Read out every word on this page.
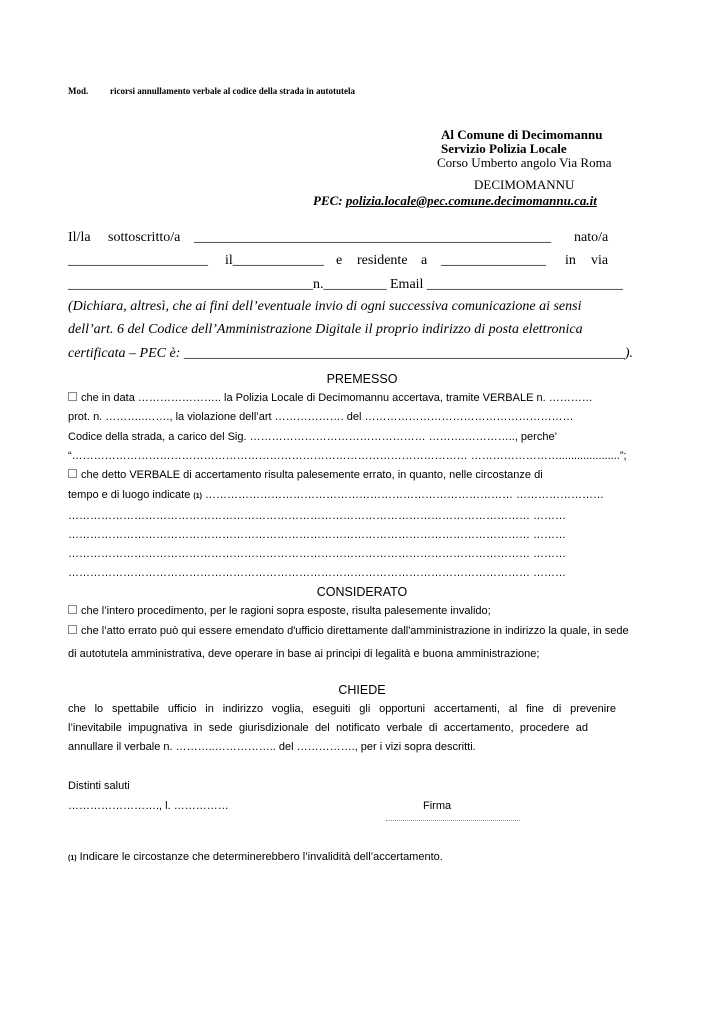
Mod. ricorsi annullamento verbale al codice della strada in autotutela
Al Comune di Decimomannu
Servizio Polizia Locale
Corso Umberto angolo Via Roma
DECIMOMANNU
PEC: polizia.locale@pec.comune.decimomannu.ca.it
Il/la sottoscritto/a ___________________________________________________ nato/a
____________________ il_____________ e residente a _______________ in via
___________________________________n._________ Email ____________________________
(Dichiara, altresì, che ai fini dell’eventuale invio di ogni successiva comunicazione ai sensi
dell’art. 6 del Codice dell’Amministrazione Digitale il proprio indirizzo di posta elettronica
certificata – PEC è: _______________________________________________________________).
PREMESSO
che in data ………………….. la Polizia Locale di Decimomannu accertava, tramite VERBALE n. …………
prot. n. ………..……., la violazione dell’art ………………. del …………………………………………………
Codice della strada, a carico del Sig. ………………………………………… ……….………….., perche’
“……………………………………………………………………………………………… ……………………....................”;
che detto VERBALE di accertamento risulta palesemente errato, in quanto, nelle circostanze di
tempo e di luogo indicate (1) ………………………………………………………………………… ……………………
……………………………………………………………………………………………………………… ………
……………………………………………………………………………………………………………… ………
……………………………………………………………………………………………………………… ………
……………………………………………………………………………………………………………… ………
CONSIDERATO
che l’intero procedimento, per le ragioni sopra esposte, risulta palesemente invalido;
che l’atto errato può qui essere emendato d'ufficio direttamente dall'amministrazione in indirizzo la quale, in sede
di autotutela amministrativa, deve operare in base ai principi di legalità e buona amministrazione;
CHIEDE
che lo spettabile ufficio in indirizzo voglia, eseguiti gli opportuni accertamenti, al fine di prevenire
l’inevitabile impugnativa in sede giurisdizionale del notificato verbale di accertamento, procedere ad
annullare il verbale n. ………..…………….. del ……………., per i vizi sopra descritti.
Distinti saluti
……………………., l. ……………	Firma
(1) Indicare le circostanze che determinerebbero l’invalidità dell’accertamento.
